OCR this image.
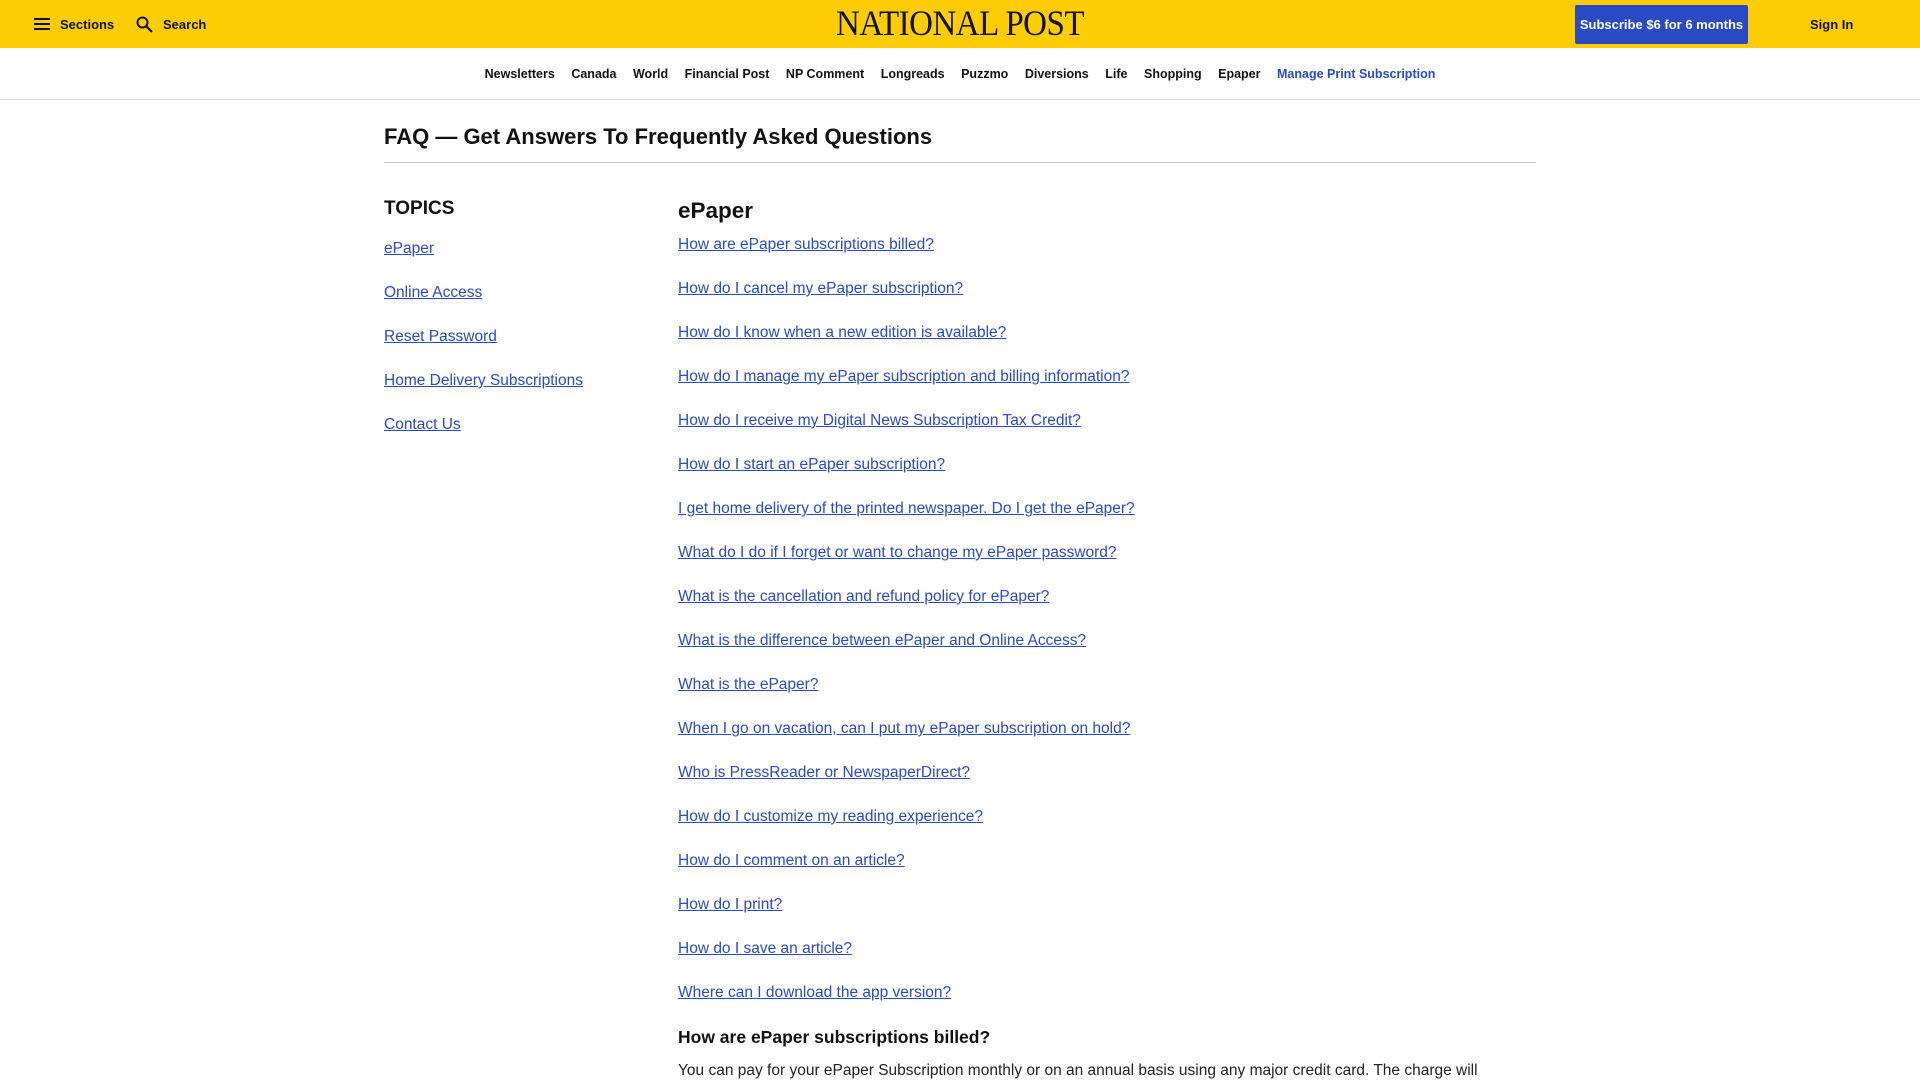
Sections	Search	NATIONAL POST	Subscribe $6 for 6 months	Sign In
Newsletters Canada World Financial Post NP Comment Longreads Puzzmo Diversions Life Shopping Epaper Manage Print Subscription
FAQ — Get Answers To Frequently Asked Questions
TOPICS
ePaper
Online Access
Reset Password
Home Delivery Subscriptions
Contact Us
ePaper
How are ePaper subscriptions billed?
How do I cancel my ePaper subscription?
How do I know when a new edition is available?
How do I manage my ePaper subscription and billing information?
How do I receive my Digital News Subscription Tax Credit?
How do I start an ePaper subscription?
I get home delivery of the printed newspaper. Do I get the ePaper?
What do I do if I forget or want to change my ePaper password?
What is the cancellation and refund policy for ePaper?
What is the difference between ePaper and Online Access?
What is the ePaper?
When I go on vacation, can I put my ePaper subscription on hold?
Who is PressReader or NewspaperDirect?
How do I customize my reading experience?
How do I comment on an article?
How do I print?
How do I save an article?
Where can I download the app version?
How are ePaper subscriptions billed?

You can pay for your ePaper Subscription monthly or on an annual basis using any major credit card. The charge will
